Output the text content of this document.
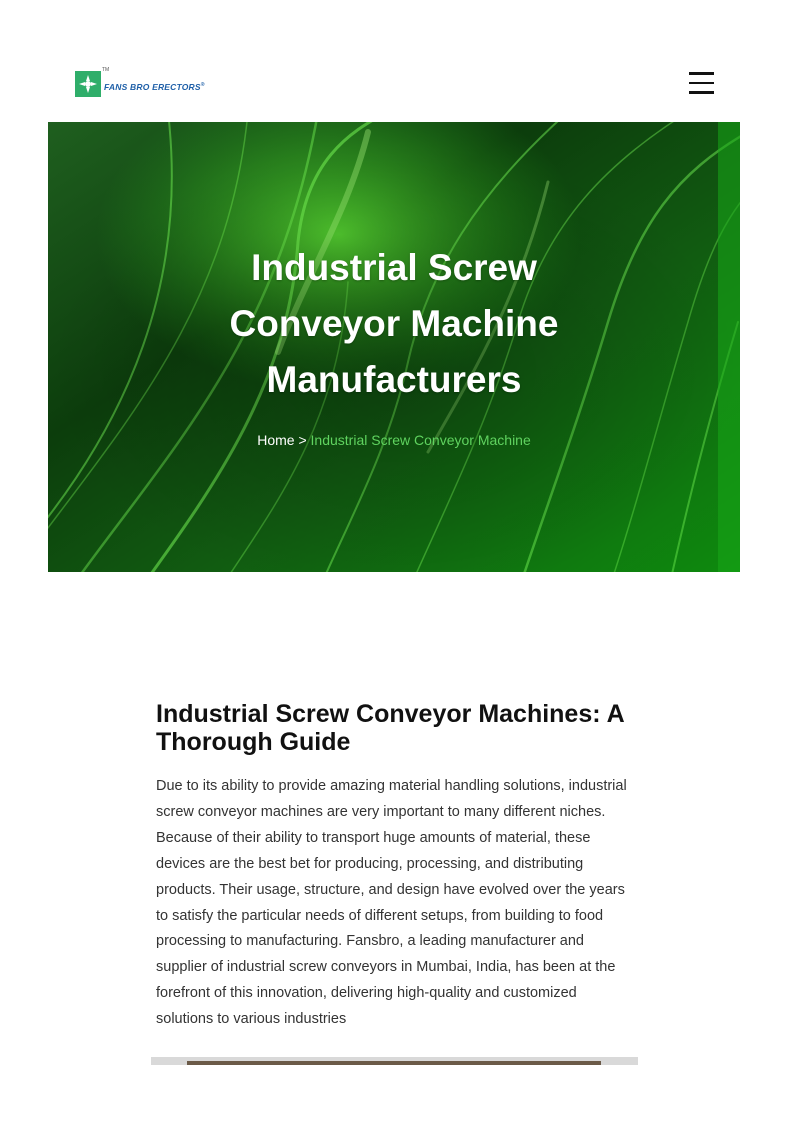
TM
FANS BRO ERECTORS®
Industrial Screw Conveyor Machine Manufacturers
Home > Industrial Screw Conveyor Machine
Industrial Screw Conveyor Machines: A Thorough Guide

Due to its ability to provide amazing material handling solutions, industrial screw conveyor machines are very important to many different niches. Because of their ability to transport huge amounts of material, these devices are the best bet for producing, processing, and distributing products. Their usage, structure, and design have evolved over the years to satisfy the particular needs of different setups, from building to food processing to manufacturing. Fansbro, a leading manufacturer and supplier of industrial screw conveyors in Mumbai, India, has been at the forefront of this innovation, delivering high-quality and customized solutions to various industries
